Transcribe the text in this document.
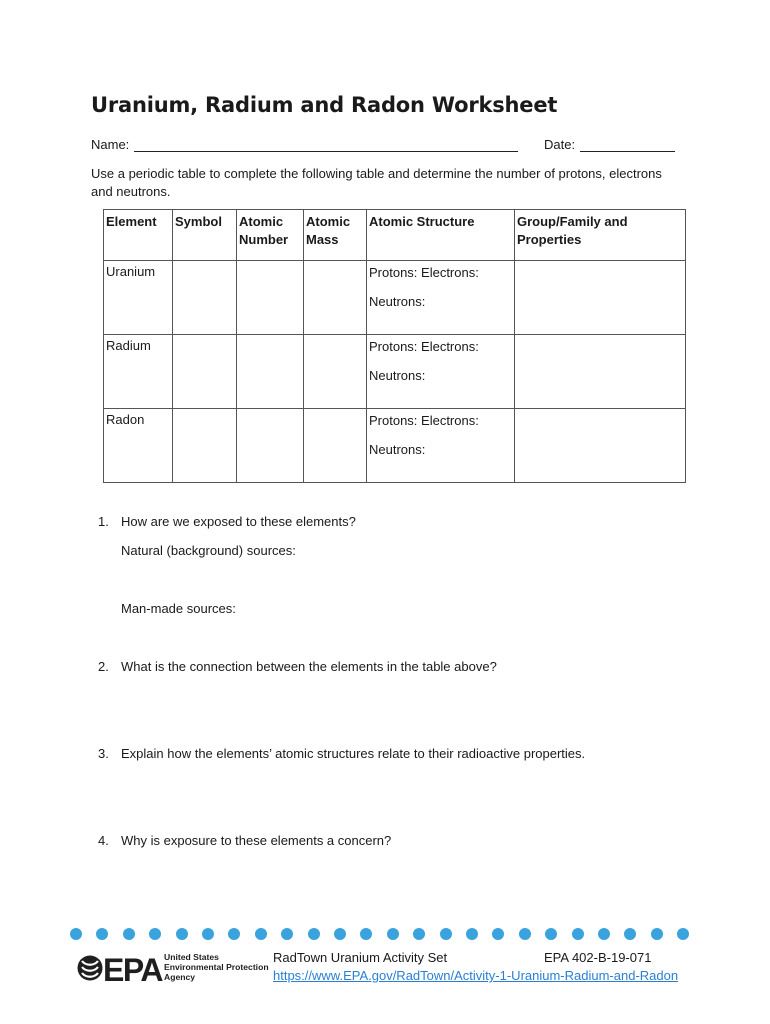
Uranium, Radium and Radon Worksheet
Name:	Date:

Use a periodic table to complete the following table and determine the number of protons, electrons and neutrons.

Element	Symbol	Atomic Number	Atomic Mass	Atomic Structure	Group/Family and Properties
Uranium				Protons: Electrons:
Neutrons:	

Radium				Protons: Electrons:
Neutrons:	

Radon				Protons: Electrons:
Neutrons:	

1. How are we exposed to these elements?
Natural (background) sources:
Man-made sources:
2. What is the connection between the elements in the table above?
3. Explain how the elements’ atomic structures relate to their radioactive properties.
4. Why is exposure to these elements a concern?
EPA United States
Environmental Protection
Agency
RadTown Uranium Activity Set	EPA 402-B-19-071
https://www.EPA.gov/RadTown/Activity-1-Uranium-Radium-and-Radon
